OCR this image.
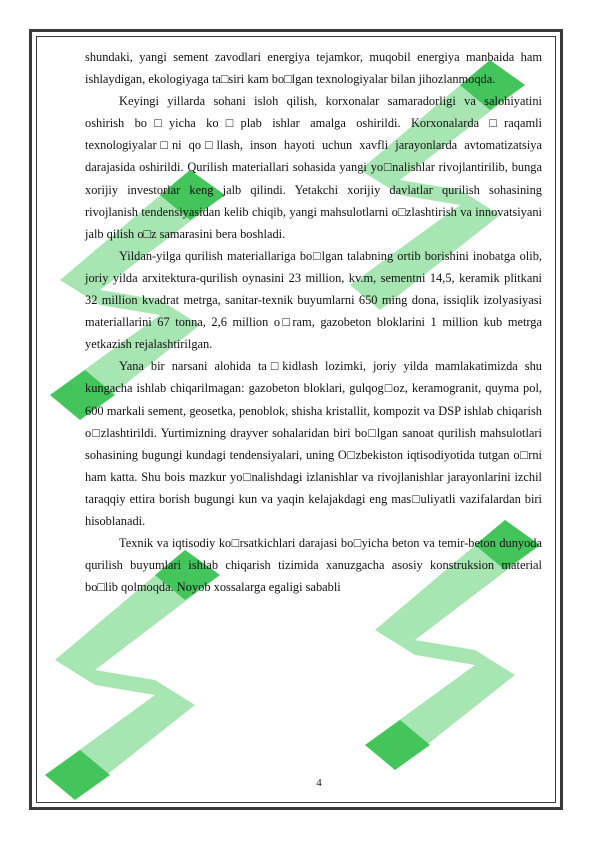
shundaki, yangi sement zavodlari energiya tejamkor, muqobil energiya manbaida ham ishlaydigan, ekologiyaga ta□siri kam bo□lgan texnologiyalar bilan jihozlanmoqda.

Keyingi yillarda sohani isloh qilish, korxonalar samaradorligi va salohiyatini oshirish bo□yicha ko□plab ishlar amalga oshirildi. Korxonalarda □raqamli texnologiyalar□ni qo□llash, inson hayoti uchun xavfli jarayonlarda avtomatizatsiya darajasida oshirildi. Qurilish materiallari sohasida yangi yo□nalishlar rivojlantirilib, bunga xorijiy investorlar keng jalb qilindi. Yetakchi xorijiy davlatlar qurilish sohasining rivojlanish tendensiyasidan kelib chiqib, yangi mahsulotlarni o□zlashtirish va innovatsiyani jalb qilish o□z samarasini bera boshladi.

Yildan-yilga qurilish materiallariga bo□lgan talabning ortib borishini inobatga olib, joriy yilda arxitektura-qurilish oynasini 23 million, kv.m, sementni 14,5, keramik plitkani 32 million kvadrat metrga, sanitar-texnik buyumlarni 650 ming dona, issiqlik izolyasiyasi materiallarini 67 tonna, 2,6 million o□ram, gazobeton bloklarini 1 million kub metrga yetkazish rejalashtirilgan.

Yana bir narsani alohida ta□kidlash lozimki, joriy yilda mamlakatimizda shu kungacha ishlab chiqarilmagan: gazobeton bloklari, gulqog□oz, keramogranit, quyma pol, 600 markali sement, geosetka, penoblok, shisha kristallit, kompozit va DSP ishlab chiqarish o□zlashtirildi. Yurtimizning drayver sohalaridan biri bo□lgan sanoat qurilish mahsulotlari sohasining bugungi kundagi tendensiyalari, uning O□zbekiston iqtisodiyotida tutgan o□rni ham katta. Shu bois mazkur yo□nalishdagi izlanishlar va rivojlanishlar jarayonlarini izchil taraqqiy ettira borish bugungi kun va yaqin kelajakdagi eng mas□uliyatli vazifalardan biri hisoblanadi.

Texnik va iqtisodiy ko□rsatkichlari darajasi bo□yicha beton va temir-beton dunyoda qurilish buyumlari ishlab chiqarish tizimida xanuzgacha asosiy konstruksion material bo□lib qolmoqda. Noyob xossalarga egaligi sababli

4
